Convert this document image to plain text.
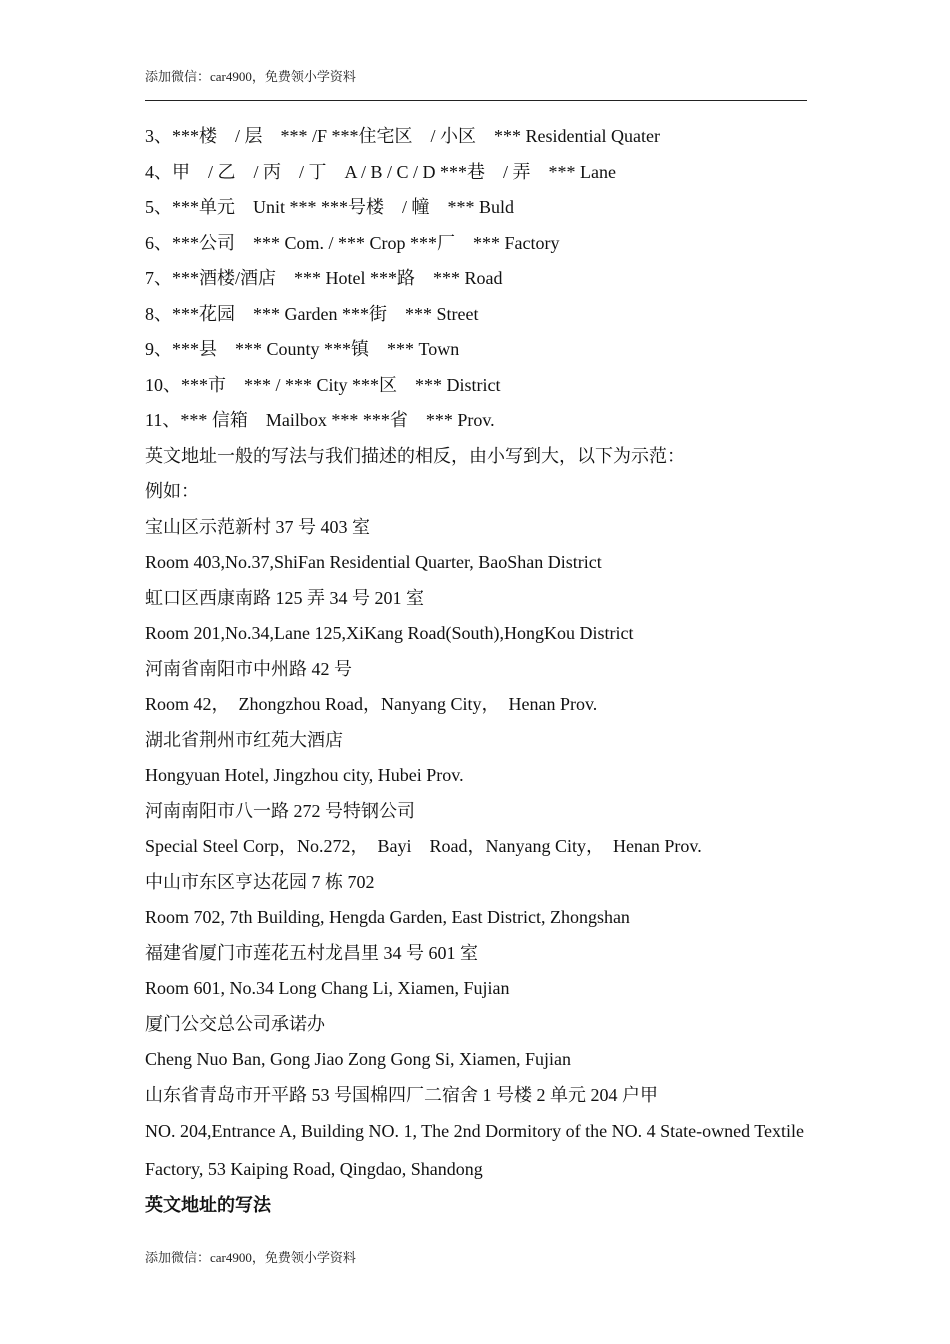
添加微信：car4900，免费领小学资料
3、***楼　/ 层　*** /F ***住宅区　/ 小区　*** Residential Quater
4、甲　/ 乙　/ 丙　/ 丁　A / B / C / D ***巷　/ 弄　*** Lane
5、***单元　Unit *** ***号楼　/ 幢　*** Buld
6、***公司　*** Com. / *** Crop ***厂　*** Factory
7、***酒楼/酒店　*** Hotel ***路　*** Road
8、***花园　*** Garden ***街　*** Street
9、***县　*** County ***镇　*** Town
10、***市　*** / *** City ***区　*** District
11、*** 信箱　Mailbox *** ***省　*** Prov.
英文地址一般的写法与我们描述的相反，由小写到大，以下为示范：
例如：
宝山区示范新村 37 号 403 室
Room 403,No.37,ShiFan Residential Quarter, BaoShan District
虹口区西康南路 125 弄 34 号 201 室
Room 201,No.34,Lane 125,XiKang Road(South),HongKou District
河南省南阳市中州路 42 号
Room 42，　Zhongzhou Road，Nanyang City，　Henan Prov.
湖北省荆州市红苑大酒店
Hongyuan Hotel, Jingzhou city, Hubei Prov.
河南南阳市八一路 272 号特钢公司
Special Steel Corp，No.272，　Bayi　Road，Nanyang City，　Henan Prov.
中山市东区亨达花园 7 栋 702
Room 702, 7th Building, Hengda Garden, East District, Zhongshan
福建省厦门市莲花五村龙昌里 34 号 601 室
Room 601, No.34 Long Chang Li, Xiamen, Fujian
厦门公交总公司承诺办
Cheng Nuo Ban, Gong Jiao Zong Gong Si, Xiamen, Fujian
山东省青岛市开平路 53 号国棉四厂二宿舍 1 号楼 2 单元 204 户甲
NO. 204,Entrance A, Building NO. 1, The 2nd Dormitory of the NO. 4 State-owned Textile Factory, 53 Kaiping Road, Qingdao, Shandong
英文地址的写法
添加微信：car4900，免费领小学资料
